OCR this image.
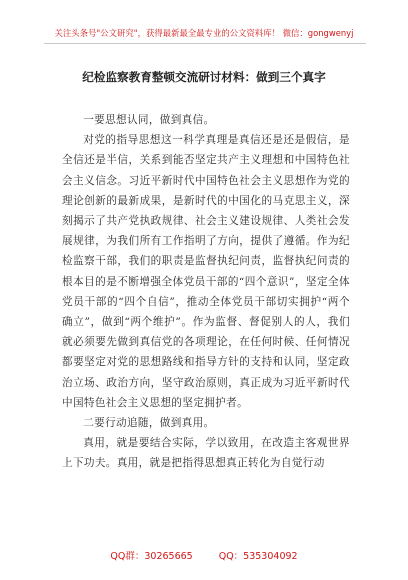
关注头条号"公文研究"，获得最新最全最专业的公文资料库！ 微信：gongwenyj
纪检监察教育整顿交流研讨材料：做到三个真字

一要思想认同，做到真信。

对党的指导思想这一科学真理是真信还是还是假信，是全信还是半信，关系到能否坚定共产主义理想和中国特色社会主义信念。习近平新时代中国特色社会主义思想作为党的理论创新的最新成果，是新时代的中国化的马克思主义，深刻揭示了共产党执政规律、社会主义建设规律、人类社会发展规律，为我们所有工作指明了方向，提供了遵循。作为纪检监察干部，我们的职责是监督执纪问责，监督执纪问责的根本目的是不断增强全体党员干部的“四个意识”，坚定全体党员干部的“四个自信”，推动全体党员干部切实拥护“两个确立”，做到“两个维护”。作为监督、督促别人的人，我们就必须要先做到真信党的各项理论，在任何时候、任何情况都要坚定对党的思想路线和指导方针的支持和认同，坚定政治立场、政治方向，坚守政治原则，真正成为习近平新时代中国特色社会主义思想的坚定拥护者。

二要行动追随，做到真用。

真用，就是要结合实际，学以致用，在改造主客观世界上下功夫。真用，就是把指得思想真正转化为自觉行动

QQ群：30265665	QQ：535304092
